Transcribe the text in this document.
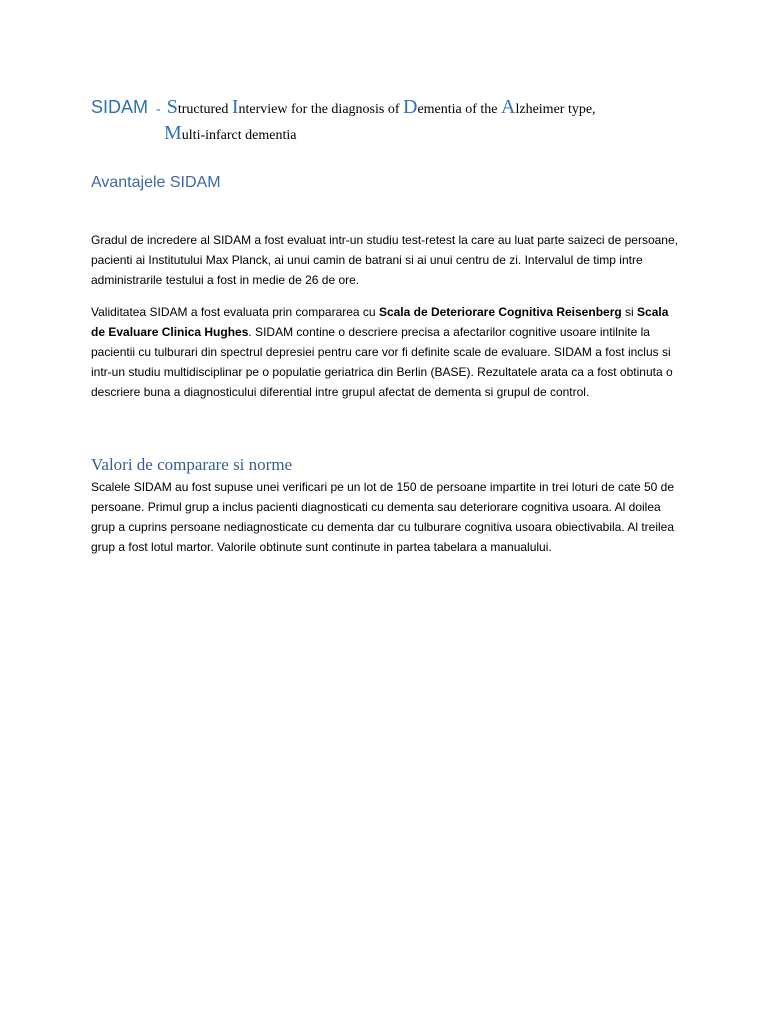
SIDAM - Structured Interview for the diagnosis of Dementia of the Alzheimer type,
Multi-infarct dementia
Avantajele SIDAM
Gradul de incredere al SIDAM a fost evaluat intr-un studiu test-retest la care au luat parte saizeci de persoane, pacienti ai Institutului Max Planck, ai unui camin de batrani si ai unui centru de zi. Intervalul de timp intre administrarile testului a fost in medie de 26 de ore.
Validitatea SIDAM a fost evaluata prin compararea cu Scala de Deteriorare Cognitiva Reisenberg si Scala de Evaluare Clinica Hughes. SIDAM contine o descriere precisa a afectarilor cognitive usoare intilnite la pacientii cu tulburari din spectrul depresiei pentru care vor fi definite scale de evaluare. SIDAM a fost inclus si intr-un studiu multidisciplinar pe o populatie geriatrica din Berlin (BASE). Rezultatele arata ca a fost obtinuta o descriere buna a diagnosticului diferential intre grupul afectat de dementa si grupul de control.
Valori de comparare si norme
Scalele SIDAM au fost supuse unei verificari pe un lot de 150 de persoane impartite in trei loturi de cate 50 de persoane. Primul grup a inclus pacienti diagnosticati cu dementa sau deteriorare cognitiva usoara. Al doilea grup a cuprins persoane nediagnosticate cu dementa dar cu tulburare cognitiva usoara obiectivabila. Al treilea grup a fost lotul martor. Valorile obtinute sunt continute in partea tabelara a manualului.
